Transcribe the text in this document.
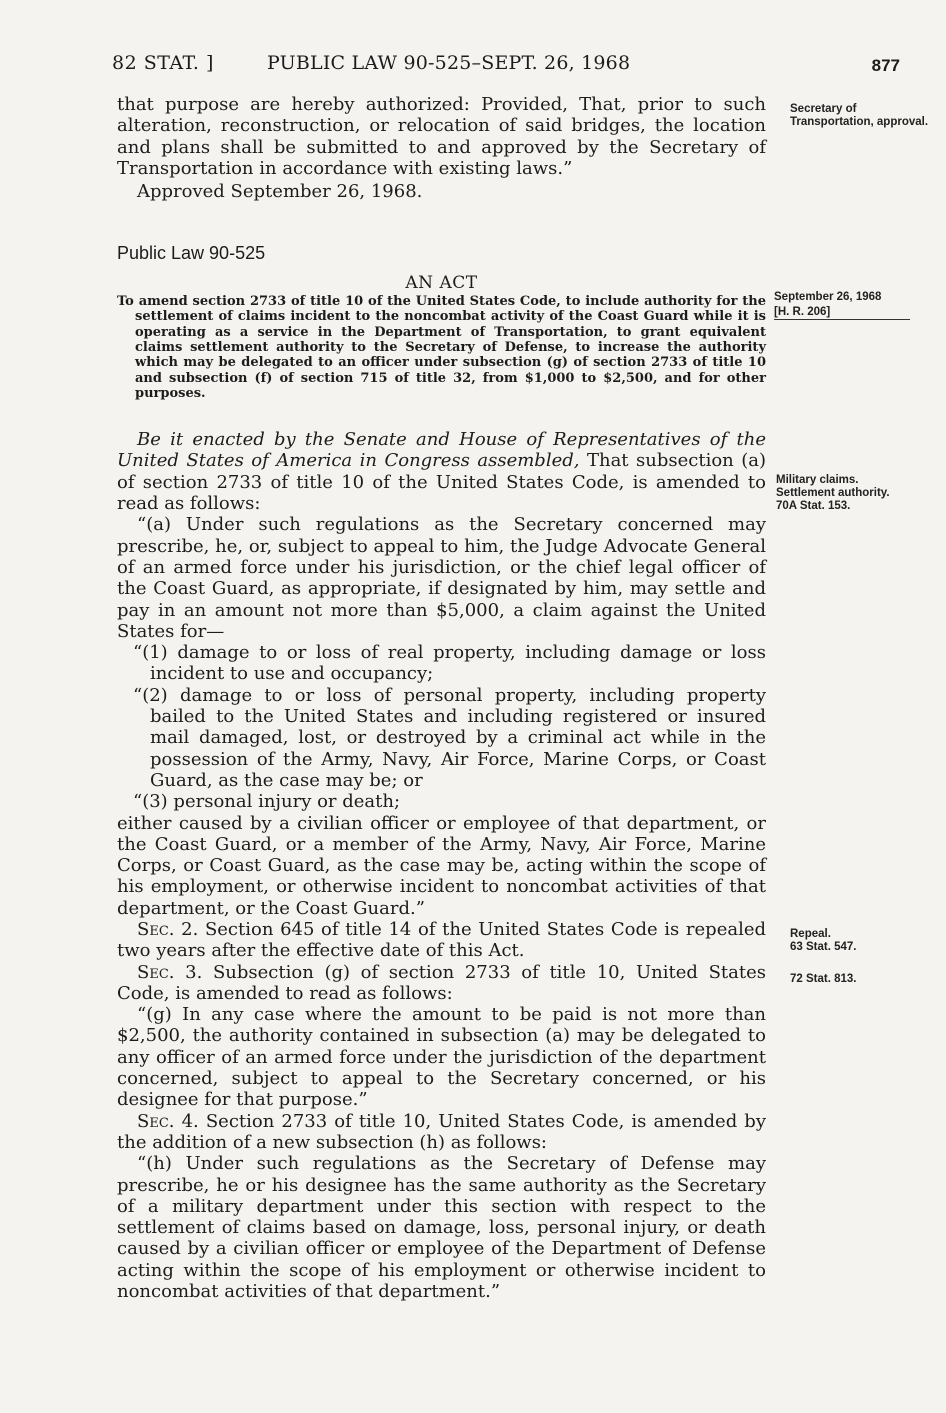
82 STAT. ]	PUBLIC LAW 90-525–SEPT. 26, 1968	877

that purpose are hereby authorized: Provided, That, prior to such alteration, reconstruction, or relocation of said bridges, the location and plans shall be submitted to and approved by the Secretary of Transportation in accordance with existing laws.”

Approved September 26, 1968.

Public Law 90-525

AN ACT

To amend section 2733 of title 10 of the United States Code, to include authority for the settlement of claims incident to the noncombat activity of the Coast Guard while it is operating as a service in the Department of Transportation, to grant equivalent claims settlement authority to the Secretary of Defense, to increase the authority which may be delegated to an officer under subsection (g) of section 2733 of title 10 and subsection (f) of section 715 of title 32, from $1,000 to $2,500, and for other purposes.

Be it enacted by the Senate and House of Representatives of the United States of America in Congress assembled, That subsection (a) of section 2733 of title 10 of the United States Code, is amended to read as follows:

“(a) Under such regulations as the Secretary concerned may prescribe, he, or, subject to appeal to him, the Judge Advocate General of an armed force under his jurisdiction, or the chief legal officer of the Coast Guard, as appropriate, if designated by him, may settle and pay in an amount not more than $5,000, a claim against the United States for—

“(1) damage to or loss of real property, including damage or loss incident to use and occupancy;

“(2) damage to or loss of personal property, including property bailed to the United States and including registered or insured mail damaged, lost, or destroyed by a criminal act while in the possession of the Army, Navy, Air Force, Marine Corps, or Coast Guard, as the case may be; or

“(3) personal injury or death;

either caused by a civilian officer or employee of that department, or the Coast Guard, or a member of the Army, Navy, Air Force, Marine Corps, or Coast Guard, as the case may be, acting within the scope of his employment, or otherwise incident to noncombat activities of that department, or the Coast Guard.”

Sec. 2. Section 645 of title 14 of the United States Code is repealed two years after the effective date of this Act.

Sec. 3. Subsection (g) of section 2733 of title 10, United States Code, is amended to read as follows:

“(g) In any case where the amount to be paid is not more than $2,500, the authority contained in subsection (a) may be delegated to any officer of an armed force under the jurisdiction of the department concerned, subject to appeal to the Secretary concerned, or his designee for that purpose.”

Sec. 4. Section 2733 of title 10, United States Code, is amended by the addition of a new subsection (h) as follows:

“(h) Under such regulations as the Secretary of Defense may prescribe, he or his designee has the same authority as the Secretary of a military department under this section with respect to the settlement of claims based on damage, loss, personal injury, or death caused by a civilian officer or employee of the Department of Defense acting within the scope of his employment or otherwise incident to noncombat activities of that department.”

Secretary of Transportation, approval.
September 26, 1968
[H. R. 206]
Military claims.
Settlement authority.
70A Stat. 153.
Repeal.
63 Stat. 547.
72 Stat. 813.
